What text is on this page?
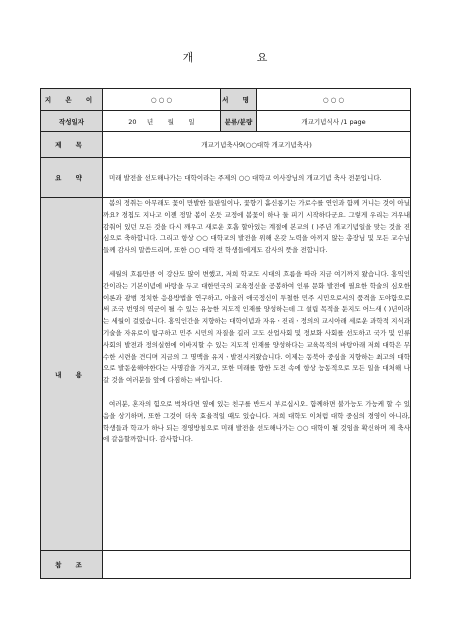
개 요
지 은 이	○ ○ ○	서 명	○ ○ ○
작성일자	20 년 월 일	분류/분량	개교기념식사 /1 page
제 목	개교기념축사9(○○대학 개교기념축사)		
요 약	미래 발전을 선도해나가는 대학이라는 주제의 ○○ 대학교 이사장님의 개교기념 축사 전문입니다.		
내 용	봄의 정취는 아무래도 꽃이 만발한 들판일이나, 꽃향기 흩신롱기는 가로수를 연인과 함께 거니는 것이 아닐까요? 경칩도 지나고 이젠 정말 봄이 온듯 교정에 봄꽃이 하나 둘 피기 시작하다군요. 그렇게 우리는 겨우내 감춰어 있던 모든 것을 다시 깨우고 새로운 호흡 할아있는 계절에 본교의 ( )주년 개교기념일을 맞는 것을 진심으로 축하합니다. 그리고 항상 ○○ 대학교의 발전을 위해 온갖 노력을 아끼지 않는 총장님 및 모든 교수님들께 감사의 말씀드리며, 또한 ○○ 대학 전 학생들에게도 감사의 뜻을 전합니다.

세월의 흐름만큼 이 강산도 많이 변했고, 저희 학교도 시대의 흐름을 따라 지금 여기까지 왔습니다. 홍익인간이라는 기본이념에 바탕을 두고 대한민국의 교육정신을 공봉하여 인류 문화 발전에 필요한 학술의 심오한 이론과 광범 정치한 응용방법을 연구하고, 아울러 애국정신이 투철한 민주 시민으로서의 품격을 도야함으로써 조국 번영의 역군이 될 수 있는 유능한 지도적 인재를 양성하는데 그 설립 목적을 둔지도 어느새 ( )년이라는 세월이 걸렸습니다. 홍익인간을 지향하는 대학이념과 자유ㆍ진리ㆍ정의의 교시아래 세로운 과학적 지식과 기술을 자유로이 탐구하고 민주 시민의 자질을 길러 고도 산업사회 및 정보화 사회를 선도하고 국가 및 인류사회의 발전과 정의실현에 이바지할 수 있는 지도적 인재를 양성하다는 교육목적의 바탕아래 저희 대학은 무수한 시련을 견디며 지금의 그 명맥을 유지ㆍ발전시켜왔습니다. 이제는 동북아 중심을 지향하는 최고의 대학으로 발돋움해야한다는 사명감을 가지고, 또한 미래를 향한 도전 속에 항상 능동적으로 모든 일을 대처해 나갈 것을 여러분들 앞에 다짐하는 바입니다.

여러분, 혼자의 힘으로 벅차다면 옆에 있는 친구를 반드시 부르십시오. 함께하면 불가능도 가능케 할 수 있음을 상기하며, 또한 그것이 더욱 효율적일 때도 있습니다. 저희 대학도 이처럼 대학 중심의 경영이 아니라, 학생들과 학교가 하나 되는 경영방침으로 미래 발전을 선도해나가는 ○○ 대학이 될 것임을 확신하며 제 축사에 갈음할까합니다. 감사합니다.		

참 조			
